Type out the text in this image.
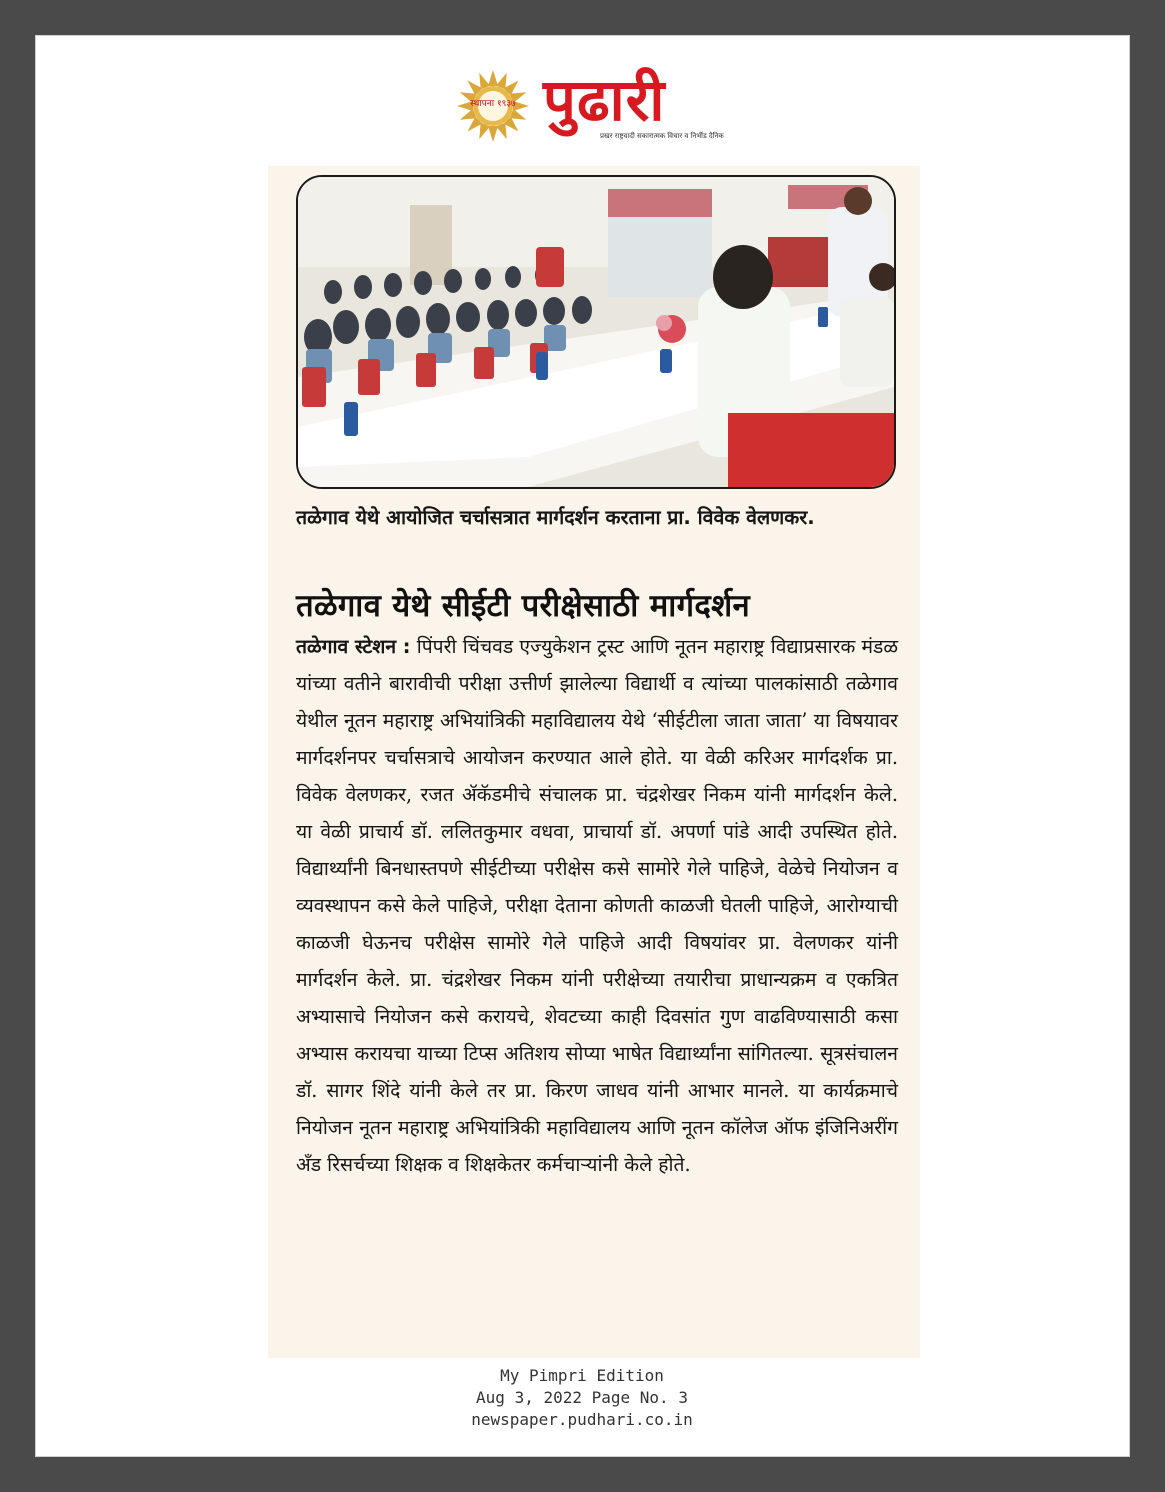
स्थापना १९३७ पुढारी
प्रखर राष्ट्रवादी सकारात्मक विचार व निर्भीड दैनिक

तळेगाव येथे आयोजित चर्चासत्रात मार्गदर्शन करताना प्रा. विवेक वेलणकर.

तळेगाव येथे सीईटी परीक्षेसाठी मार्गदर्शन

तळेगाव स्टेशन : पिंपरी चिंचवड एज्युकेशन ट्रस्ट आणि नूतन महाराष्ट्र विद्याप्रसारक मंडळ यांच्या वतीने बारावीची परीक्षा उत्तीर्ण झालेल्या विद्यार्थी व त्यांच्या पालकांसाठी तळेगाव येथील नूतन महाराष्ट्र अभियांत्रिकी महाविद्यालय येथे ‘सीईटीला जाता जाता’ या विषयावर मार्गदर्शनपर चर्चासत्राचे आयोजन करण्यात आले होते. या वेळी करिअर मार्गदर्शक प्रा. विवेक वेलणकर, रजत ॲकॅडमीचे संचालक प्रा. चंद्रशेखर निकम यांनी मार्गदर्शन केले. या वेळी प्राचार्य डॉ. ललितकुमार वधवा, प्राचार्या डॉ. अपर्णा पांडे आदी उपस्थित होते. विद्यार्थ्यांनी बिनधास्तपणे सीईटीच्या परीक्षेस कसे सामोरे गेले पाहिजे, वेळेचे नियोजन व व्यवस्थापन कसे केले पाहिजे, परीक्षा देताना कोणती काळजी घेतली पाहिजे, आरोग्याची काळजी घेऊनच परीक्षेस सामोरे गेले पाहिजे आदी विषयांवर प्रा. वेलणकर यांनी मार्गदर्शन केले. प्रा. चंद्रशेखर निकम यांनी परीक्षेच्या तयारीचा प्राधान्यक्रम व एकत्रित अभ्यासाचे नियोजन कसे करायचे, शेवटच्या काही दिवसांत गुण वाढविण्यासाठी कसा अभ्यास करायचा याच्या टिप्स अतिशय सोप्या भाषेत विद्यार्थ्यांना सांगितल्या. सूत्रसंचालन डॉ. सागर शिंदे यांनी केले तर प्रा. किरण जाधव यांनी आभार मानले. या कार्यक्रमाचे नियोजन नूतन महाराष्ट्र अभियांत्रिकी महाविद्यालय आणि नूतन कॉलेज ऑफ इंजिनिअरींग अँड रिसर्चच्या शिक्षक व शिक्षकेतर कर्मचाऱ्यांनी केले होते.

My Pimpri Edition
Aug 3, 2022 Page No. 3
newspaper.pudhari.co.in
